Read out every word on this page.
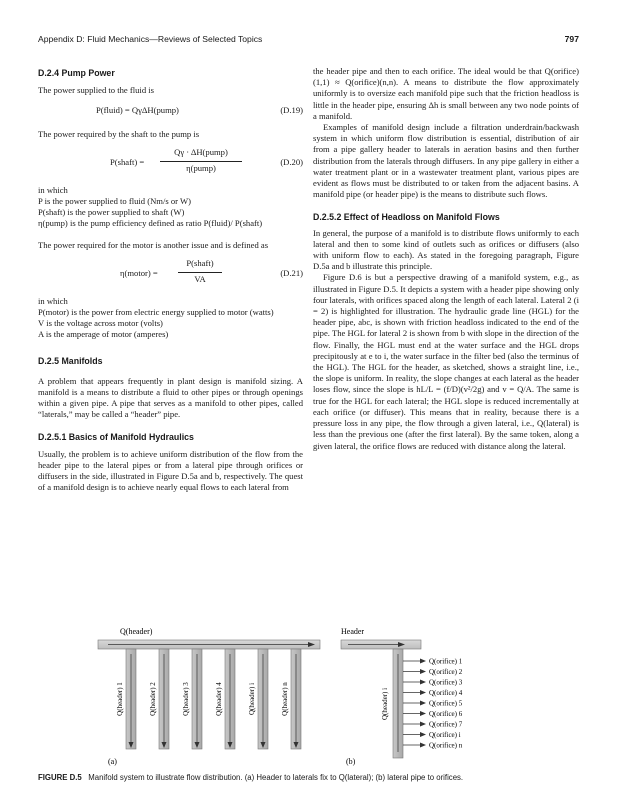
Appendix D: Fluid Mechanics—Reviews of Selected Topics	797

D.2.4 Pump Power

The power supplied to the fluid is

P(fluid) = QγΔH(pump)	(D.19)

The power required by the shaft to the pump is

P(shaft) =
Qγ · ΔH(pump)
η(pump)
(D.20)

in which

P is the power supplied to fluid (Nm/s or W)

P(shaft) is the power supplied to shaft (W)

η(pump) is the pump efficiency defined as ratio P(fluid)/ P(shaft)

The power required for the motor is another issue and is defined as

η(motor) =
P(shaft)
VA
(D.21)

in which

P(motor) is the power from electric energy supplied to motor (watts)

V is the voltage across motor (volts)

A is the amperage of motor (amperes)

D.2.5 Manifolds

A problem that appears frequently in plant design is manifold sizing. A manifold is a means to distribute a fluid to other pipes or through openings within a given pipe. A pipe that serves as a manifold to other pipes, called “laterals,” may be called a “header” pipe.

D.2.5.1 Basics of Manifold Hydraulics

Usually, the problem is to achieve uniform distribution of the flow from the header pipe to the lateral pipes or from a lateral pipe through orifices or diffusers in the side, illustrated in Figure D.5a and b, respectively. The quest of a manifold design is to achieve nearly equal flows to each lateral from

the header pipe and then to each orifice. The ideal would be that Q(orifice)(1,1) ≈ Q(orifice)(n,n). A means to distribute the flow approximately uniformly is to oversize each manifold pipe such that the friction headloss is little in the header pipe, ensuring Δh is small between any two node points of a manifold.

Examples of manifold design include a filtration underdrain/backwash system in which uniform flow distribution is essential, distribution of air from a pipe gallery header to laterals in aeration basins and then further distribution from the laterals through diffusers. In any pipe gallery in either a water treatment plant or in a wastewater treatment plant, various pipes are evident as flows must be distributed to or taken from the adjacent basins. A manifold pipe (or header pipe) is the means to distribute such flows.

D.2.5.2 Effect of Headloss on Manifold Flows

In general, the purpose of a manifold is to distribute flows uniformly to each lateral and then to some kind of outlets such as orifices or diffusers (also with uniform flow to each). As stated in the foregoing paragraph, Figure D.5a and b illustrate this principle.

Figure D.6 is but a perspective drawing of a manifold system, e.g., as illustrated in Figure D.5. It depicts a system with a header pipe showing only four laterals, with orifices spaced along the length of each lateral. Lateral 2 (i = 2) is highlighted for illustration. The hydraulic grade line (HGL) for the header pipe, abc, is shown with friction headloss indicated to the end of the pipe. The HGL for lateral 2 is shown from b with slope in the direction of the flow. Finally, the HGL must end at the water surface and the HGL drops precipitously at e to i, the water surface in the filter bed (also the terminus of the HGL). The HGL for the header, as sketched, shows a straight line, i.e., the slope is uniform. In reality, the slope changes at each lateral as the header loses flow, since the slope is hL/L = (f/D)(v²/2g) and v = Q/A. The same is true for the HGL for each lateral; the HGL slope is reduced incrementally at each orifice (or diffuser). This means that in reality, because there is a pressure loss in any pipe, the flow through a given lateral, i.e., Q(lateral) is less than the previous one (after the first lateral). By the same token, along a given lateral, the orifice flows are reduced with distance along the lateral.

Q(header)
Q(header) 1	Q(header) 2	Q(header) 3	Q(header) 4	Q(header) i	Q(header) n
(a)
Header
Q(header) i
Q(orifice) 1
Q(orifice) 2
Q(orifice) 3
Q(orifice) 4
Q(orifice) 5
Q(orifice) 6
Q(orifice) 7
Q(orifice) i
Q(orifice) n
(b)
FIGURE D.5 Manifold system to illustrate flow distribution. (a) Header to laterals fix to Q(lateral); (b) lateral pipe to orifices.
